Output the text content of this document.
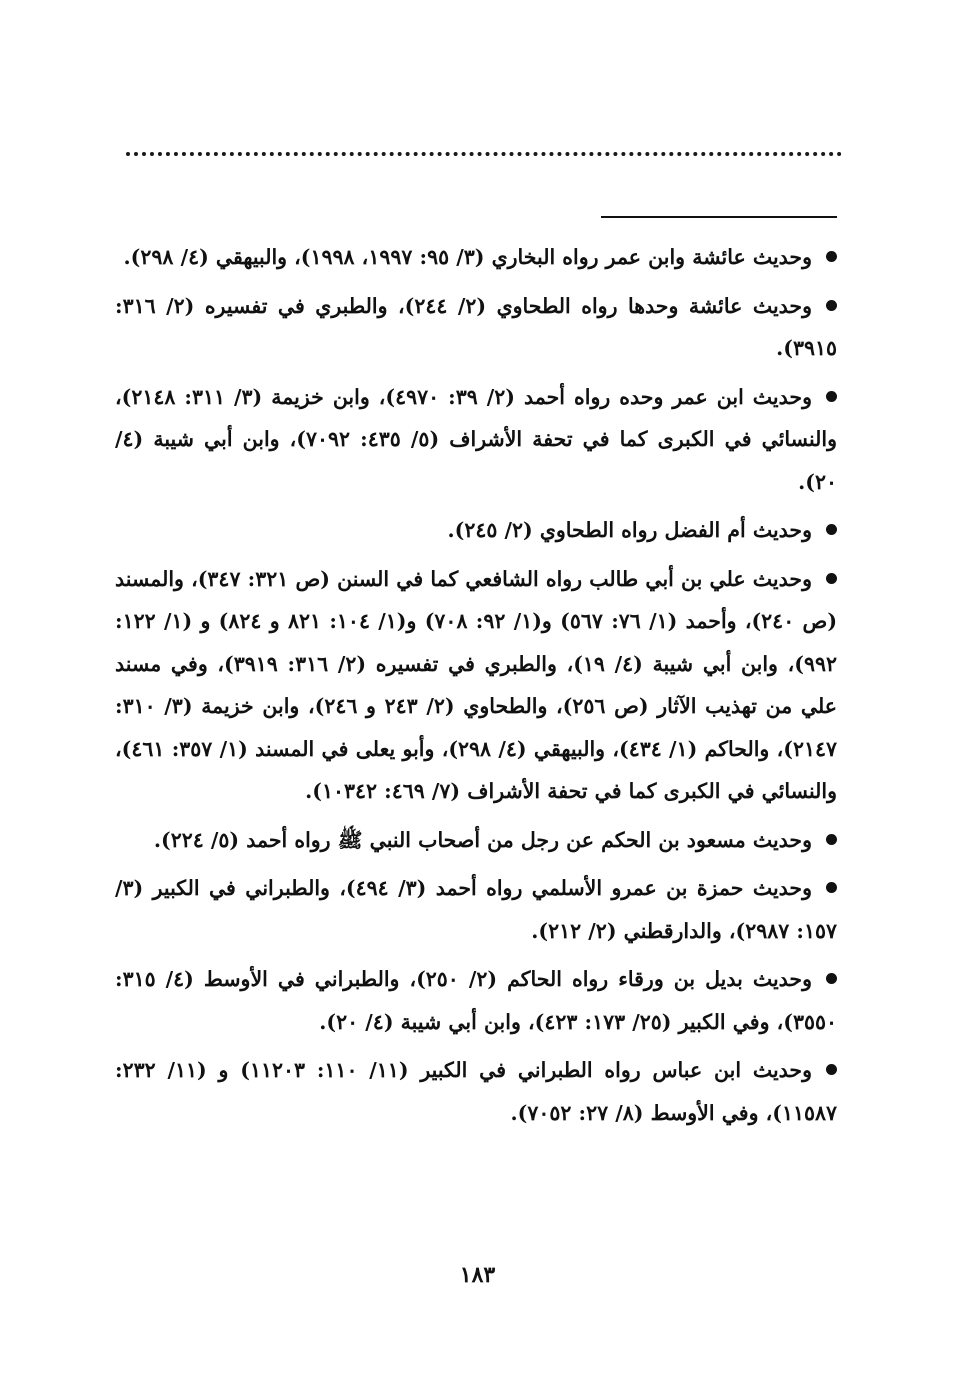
وحديث عائشة وابن عمر رواه البخاري (٣/ ٩٥: ١٩٩٧، ١٩٩٨)، والبيهقي (٤/ ٢٩٨).

وحديث عائشة وحدها رواه الطحاوي (٢/ ٢٤٤)، والطبري في تفسيره (٢/ ٣١٦: ٣٩١٥).

وحديث ابن عمر وحده رواه أحمد (٢/ ٣٩: ٤٩٧٠)، وابن خزيمة (٣/ ٣١١: ٢١٤٨)، والنسائي في الكبرى كما في تحفة الأشراف (٥/ ٤٣٥: ٧٠٩٢)، وابن أبي شيبة (٤/ ٢٠).

وحديث أم الفضل رواه الطحاوي (٢/ ٢٤٥).

وحديث علي بن أبي طالب رواه الشافعي كما في السنن (ص ٣٢١: ٣٤٧)، والمسند (ص ٢٤٠)، وأحمد (١/ ٧٦: ٥٦٧) و(١/ ٩٢: ٧٠٨) و(١/ ١٠٤: ٨٢١ و ٨٢٤) و (١/ ١٢٢: ٩٩٢)، وابن أبي شيبة (٤/ ١٩)، والطبري في تفسيره (٢/ ٣١٦: ٣٩١٩)، وفي مسند علي من تهذيب الآثار (ص ٢٥٦)، والطحاوي (٢/ ٢٤٣ و ٢٤٦)، وابن خزيمة (٣/ ٣١٠: ٢١٤٧)، والحاكم (١/ ٤٣٤)، والبيهقي (٤/ ٢٩٨)، وأبو يعلى في المسند (١/ ٣٥٧: ٤٦١)، والنسائي في الكبرى كما في تحفة الأشراف (٧/ ٤٦٩: ١٠٣٤٢).

وحديث مسعود بن الحكم عن رجل من أصحاب النبي ﷺ رواه أحمد (٥/ ٢٢٤).

وحديث حمزة بن عمرو الأسلمي رواه أحمد (٣/ ٤٩٤)، والطبراني في الكبير (٣/ ١٥٧: ٢٩٨٧)، والدارقطني (٢/ ٢١٢).

وحديث بديل بن ورقاء رواه الحاكم (٢/ ٢٥٠)، والطبراني في الأوسط (٤/ ٣١٥: ٣٥٥٠)، وفي الكبير (٢٥/ ١٧٣: ٤٢٣)، وابن أبي شيبة (٤/ ٢٠).

وحديث ابن عباس رواه الطبراني في الكبير (١١/ ١١٠: ١١٢٠٣) و (١١/ ٢٣٢: ١١٥٨٧)، وفي الأوسط (٨/ ٢٧: ٧٠٥٢).

١٨٣
